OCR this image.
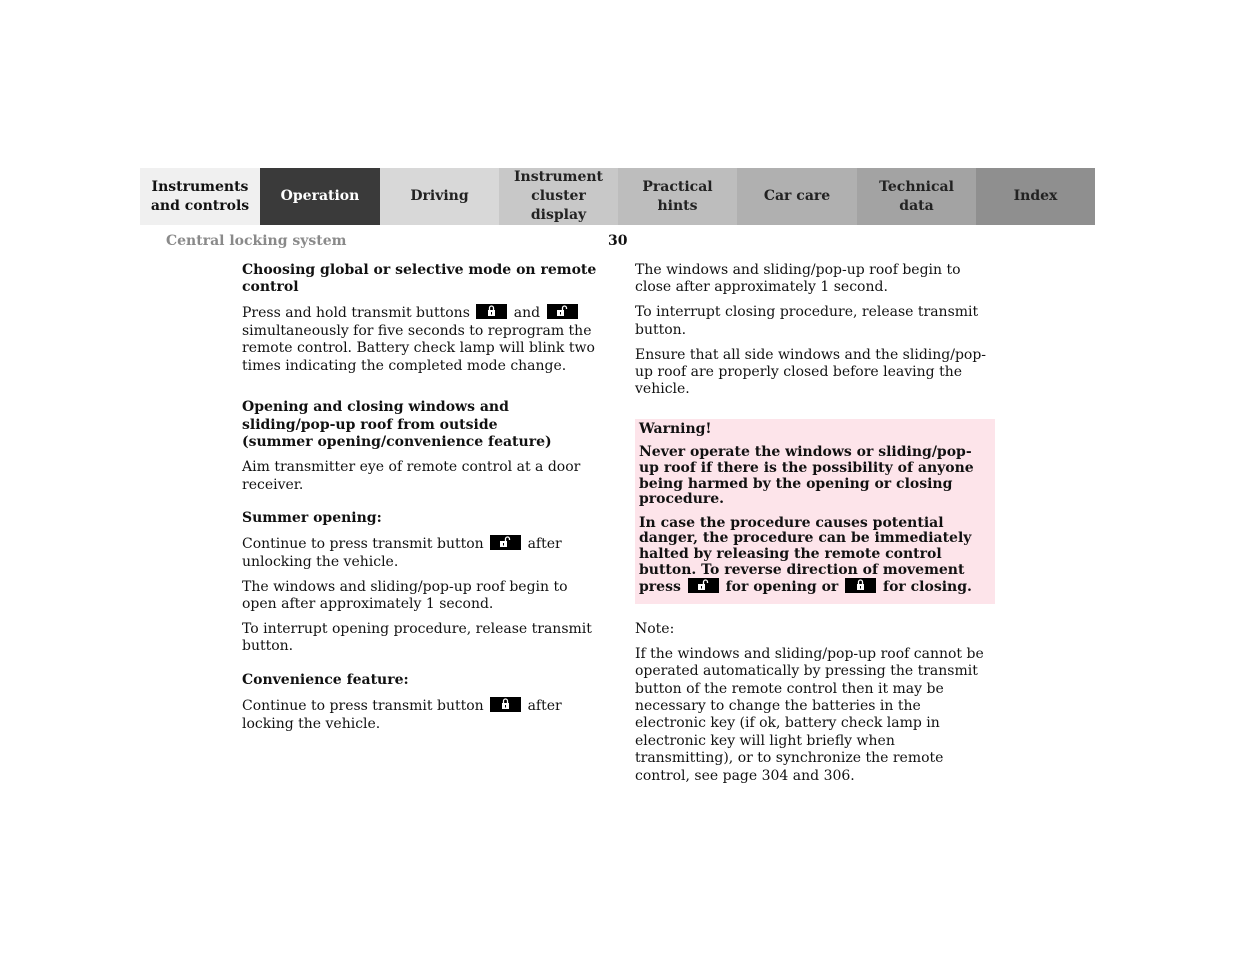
Instruments
and controls
Operation	Driving
Instrument
cluster display
Practical hints
Car care
Technical
data
Index
Central locking system	30
Choosing global or selective mode on remote control
Press and hold transmit buttons	and
simultaneously for five seconds to reprogram the remote control. Battery check lamp will blink two times indicating the completed mode change.
Opening and closing windows and
sliding/pop-up roof from outside
(summer opening/convenience feature)
Aim transmitter eye of remote control at a door receiver.
Summer opening:
Continue to press transmit button	after unlocking the vehicle.
The windows and sliding/pop-up roof begin to open after approximately 1 second.
To interrupt opening procedure, release transmit button.
Convenience feature:
Continue to press transmit button	after locking the vehicle.
The windows and sliding/pop-up roof begin to close after approximately 1 second.
To interrupt closing procedure, release transmit button.
Ensure that all side windows and the sliding/pop-up roof are properly closed before leaving the vehicle.
Warning!
Never operate the windows or sliding/pop-up roof if there is the possibility of anyone being harmed by the opening or closing procedure.
In case the procedure causes potential danger, the procedure can be immediately halted by releasing the remote control button. To reverse direction of movement press	for opening or	for closing.
Note:
If the windows and sliding/pop-up roof cannot be operated automatically by pressing the transmit button of the remote control then it may be necessary to change the batteries in the electronic key (if ok, battery check lamp in electronic key will light briefly when transmitting), or to synchronize the remote control, see page 304 and 306.
